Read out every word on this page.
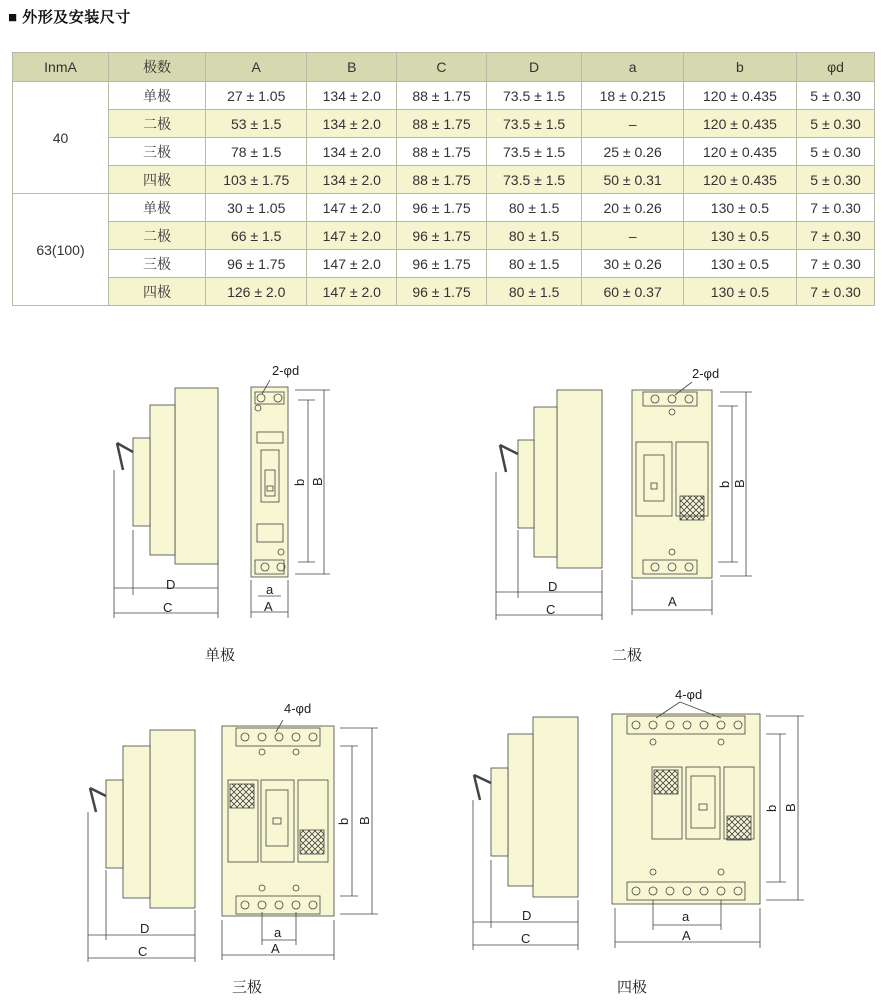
■ 外形及安装尺寸
InmA	极数	A	B	C	D	a	b	φd
40	单极	27 ± 1.05	134 ± 2.0	88 ± 1.75	73.5 ± 1.5	18 ± 0.215	120 ± 0.435	5 ± 0.30
	二极	53 ± 1.5	134 ± 2.0	88 ± 1.75	73.5 ± 1.5	–	120 ± 0.435	5 ± 0.30
	三极	78 ± 1.5	134 ± 2.0	88 ± 1.75	73.5 ± 1.5	25 ± 0.26	120 ± 0.435	5 ± 0.30
	四极	103 ± 1.75	134 ± 2.0	88 ± 1.75	73.5 ± 1.5	50 ± 0.31	120 ± 0.435	5 ± 0.30
63(100)	单极	30 ± 1.05	147 ± 2.0	96 ± 1.75	80 ± 1.5	20 ± 0.26	130 ± 0.5	7 ± 0.30
	二极	66 ± 1.5	147 ± 2.0	96 ± 1.75	80 ± 1.5	–	130 ± 0.5	7 ± 0.30
	三极	96 ± 1.75	147 ± 2.0	96 ± 1.75	80 ± 1.5	30 ± 0.26	130 ± 0.5	7 ± 0.30
	四极	126 ± 2.0	147 ± 2.0	96 ± 1.75	80 ± 1.5	60 ± 0.37	130 ± 0.5	7 ± 0.30
D
C
a
A
2-φd
b B
D
C
A
2-φd
b B
D
C
a
A
4-φd
b B
D
C
a
A
4-φd
b B
单极	二极
三极	四极
